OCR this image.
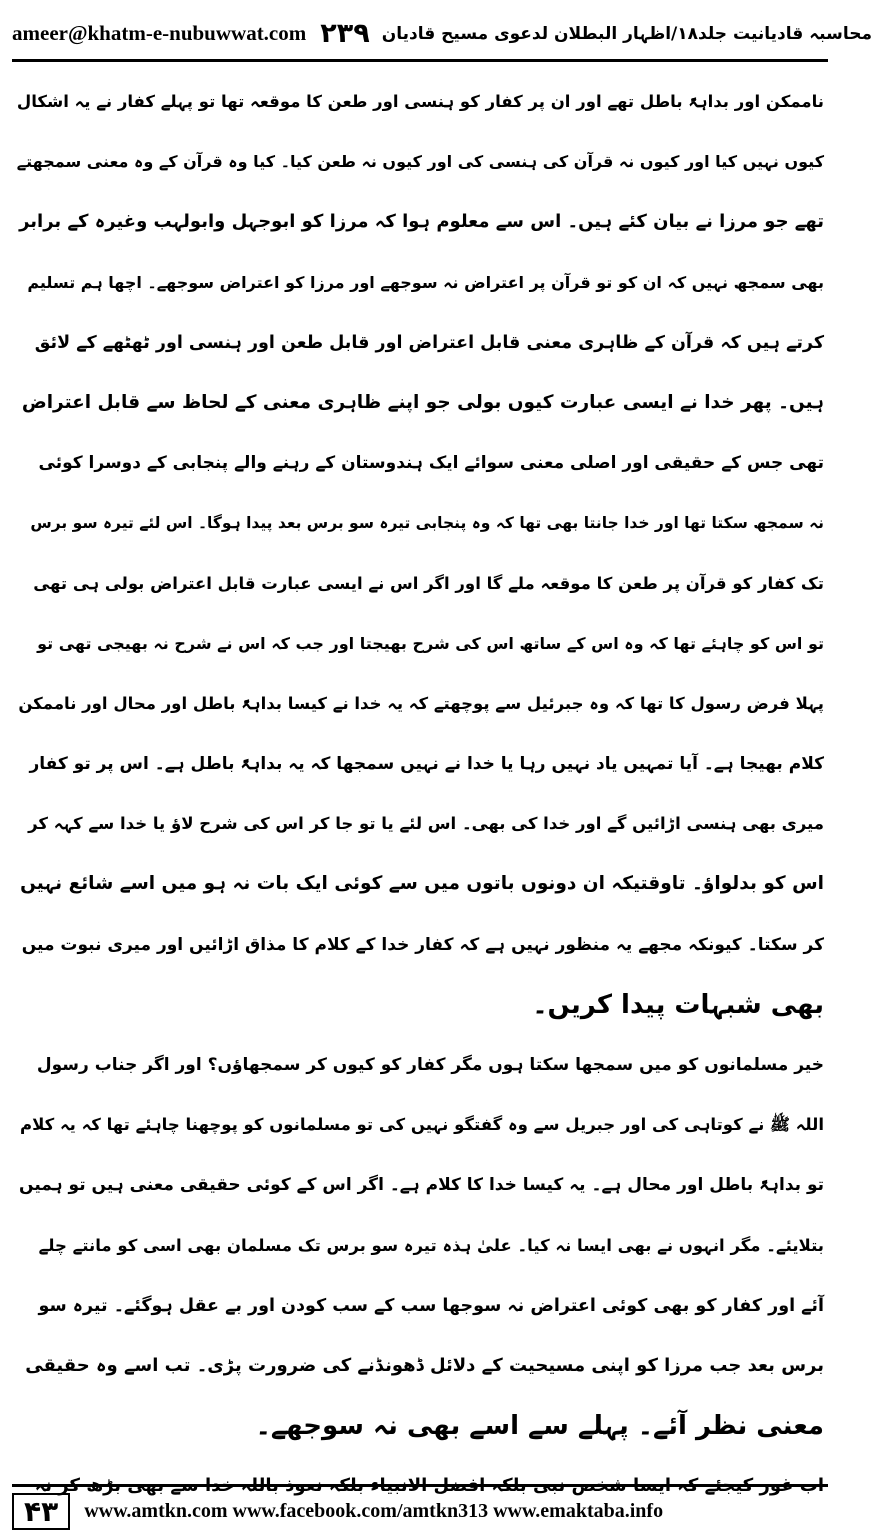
ameer@khatm-e-nubuwwat.com ۲۳۹ محاسبہ قادیانیت جلد۱۸/اظہار البطلان لدعوی مسیح قادیان
ناممکن اور بداہۃً باطل تھے اور ان پر کفار کو ہنسی اور طعن کا موقعہ تھا تو پہلے کفار نے یہ اشکال
کیوں نہیں کیا اور کیوں نہ قرآن کی ہنسی کی اور کیوں نہ طعن کیا۔ کیا وہ قرآن کے وہ معنی سمجھتے
تھے جو مرزا نے بیان کئے ہیں۔ اس سے معلوم ہوا کہ مرزا کو ابوجہل وابولہب وغیرہ کے برابر
بھی سمجھ نہیں کہ ان کو تو قرآن پر اعتراض نہ سوجھے اور مرزا کو اعتراض سوجھے۔ اچھا ہم تسلیم
کرتے ہیں کہ قرآن کے ظاہری معنی قابل اعتراض اور قابل طعن اور ہنسی اور ٹھٹھے کے لائق
ہیں۔ پھر خدا نے ایسی عبارت کیوں بولی جو اپنے ظاہری معنی کے لحاظ سے قابل اعتراض
تھی جس کے حقیقی اور اصلی معنی سوائے ایک ہندوستان کے رہنے والے پنجابی کے دوسرا کوئی
نہ سمجھ سکتا تھا اور خدا جانتا بھی تھا کہ وہ پنجابی تیرہ سو برس بعد پیدا ہوگا۔ اس لئے تیرہ سو برس
تک کفار کو قرآن پر طعن کا موقعہ ملے گا اور اگر اس نے ایسی عبارت قابل اعتراض بولی ہی تھی
تو اس کو چاہئے تھا کہ وہ اس کے ساتھ اس کی شرح بھیجتا اور جب کہ اس نے شرح نہ بھیجی تھی تو
پہلا فرض رسول کا تھا کہ وہ جبرئیل سے پوچھتے کہ یہ خدا نے کیسا بداہۃً باطل اور محال اور ناممکن
کلام بھیجا ہے۔ آیا تمہیں یاد نہیں رہا یا خدا نے نہیں سمجھا کہ یہ بداہۃً باطل ہے۔ اس پر تو کفار
میری بھی ہنسی اڑائیں گے اور خدا کی بھی۔ اس لئے یا تو جا کر اس کی شرح لاؤ یا خدا سے کہہ کر
اس کو بدلواؤ۔ تاوقتیکہ ان دونوں باتوں میں سے کوئی ایک بات نہ ہو میں اسے شائع نہیں
کر سکتا۔ کیونکہ مجھے یہ منظور نہیں ہے کہ کفار خدا کے کلام کا مذاق اڑائیں اور میری نبوت میں
بھی شبہات پیدا کریں۔
خیر مسلمانوں کو میں سمجھا سکتا ہوں مگر کفار کو کیوں کر سمجھاؤں؟ اور اگر جناب رسول
اللہ ﷺ نے کوتاہی کی اور جبریل سے وہ گفتگو نہیں کی تو مسلمانوں کو پوچھنا چاہئے تھا کہ یہ کلام
تو بداہۃً باطل اور محال ہے۔ یہ کیسا خدا کا کلام ہے۔ اگر اس کے کوئی حقیقی معنی ہیں تو ہمیں
بتلایئے۔ مگر انہوں نے بھی ایسا نہ کیا۔ علیٰ ہذہ تیرہ سو برس تک مسلمان بھی اسی کو مانتے چلے
آئے اور کفار کو بھی کوئی اعتراض نہ سوجھا سب کے سب کودن اور بے عقل ہوگئے۔ تیرہ سو
برس بعد جب مرزا کو اپنی مسیحیت کے دلائل ڈھونڈنے کی ضرورت پڑی۔ تب اسے وہ حقیقی
معنی نظر آئے۔ پہلے سے اسے بھی نہ سوجھے۔
اب غور کیجئے کہ ایسا شخص نبی بلکہ افضل الانبیاء بلکہ نعوذ باللہ خدا سے بھی بڑھ کر نہ
۴۳	www.amtkn.com www.facebook.com/amtkn313 www.emaktaba.info
